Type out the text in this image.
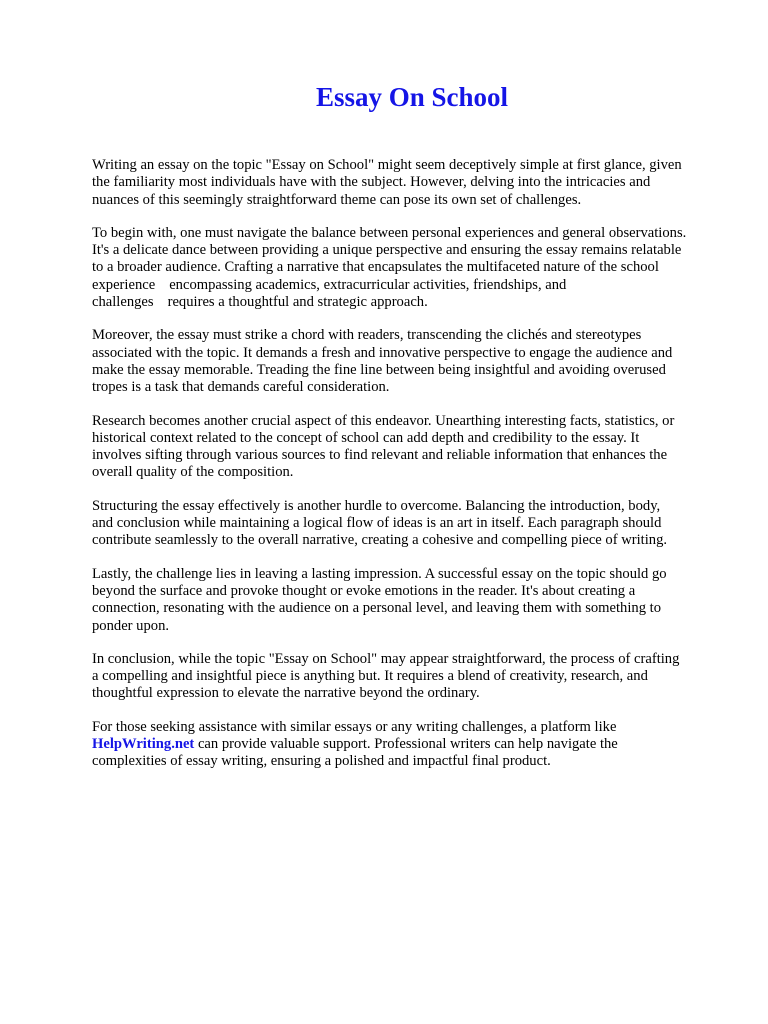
Essay On School

Writing an essay on the topic "Essay on School" might seem deceptively simple at first glance, given
the familiarity most individuals have with the subject. However, delving into the intricacies and
nuances of this seemingly straightforward theme can pose its own set of challenges.

To begin with, one must navigate the balance between personal experiences and general observations.
It's a delicate dance between providing a unique perspective and ensuring the essay remains relatable
to a broader audience. Crafting a narrative that encapsulates the multifaceted nature of the school
experience encompassing academics, extracurricular activities, friendships, and
challenges requires a thoughtful and strategic approach.

Moreover, the essay must strike a chord with readers, transcending the clichés and stereotypes
associated with the topic. It demands a fresh and innovative perspective to engage the audience and
make the essay memorable. Treading the fine line between being insightful and avoiding overused
tropes is a task that demands careful consideration.

Research becomes another crucial aspect of this endeavor. Unearthing interesting facts, statistics, or
historical context related to the concept of school can add depth and credibility to the essay. It
involves sifting through various sources to find relevant and reliable information that enhances the
overall quality of the composition.

Structuring the essay effectively is another hurdle to overcome. Balancing the introduction, body,
and conclusion while maintaining a logical flow of ideas is an art in itself. Each paragraph should
contribute seamlessly to the overall narrative, creating a cohesive and compelling piece of writing.

Lastly, the challenge lies in leaving a lasting impression. A successful essay on the topic should go
beyond the surface and provoke thought or evoke emotions in the reader. It's about creating a
connection, resonating with the audience on a personal level, and leaving them with something to
ponder upon.

In conclusion, while the topic "Essay on School" may appear straightforward, the process of crafting
a compelling and insightful piece is anything but. It requires a blend of creativity, research, and
thoughtful expression to elevate the narrative beyond the ordinary.

For those seeking assistance with similar essays or any writing challenges, a platform like
HelpWriting.net can provide valuable support. Professional writers can help navigate the
complexities of essay writing, ensuring a polished and impactful final product.
